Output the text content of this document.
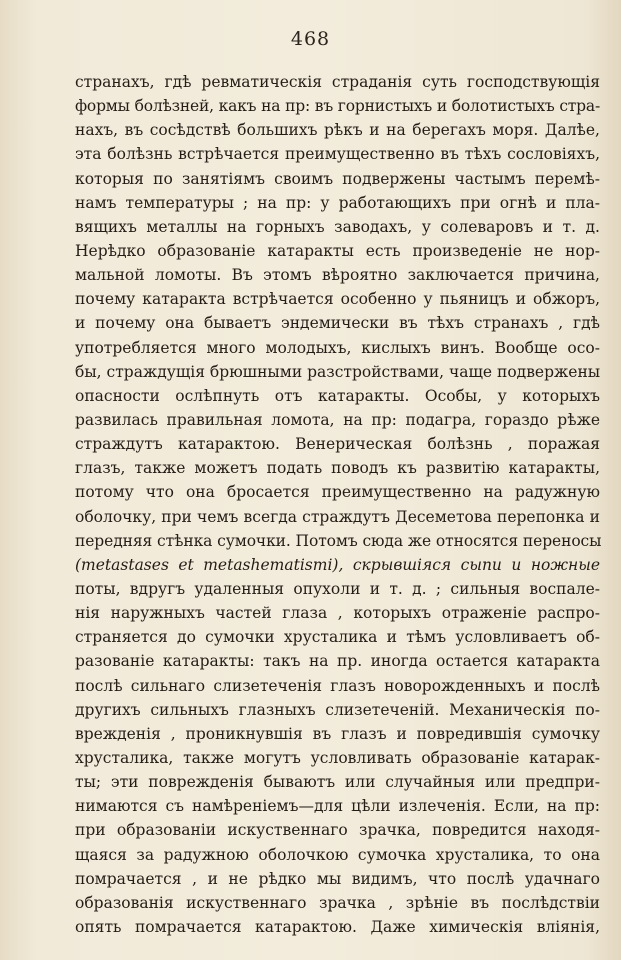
468
странахъ, гдѣ ревматическія страданія суть господствующія
формы болѣзней, какъ на пр: въ горнистыхъ и болотистыхъ стра-
нахъ, въ сосѣдствѣ большихъ рѣкъ и на берегахъ моря. Далѣе,
эта болѣзнь встрѣчается преимущественно въ тѣхъ сословіяхъ,
которыя по занятіямъ своимъ подвержены частымъ перемѣ-
намъ температуры ; на пр: у работающихъ при огнѣ и пла-
вящихъ металлы на горныхъ заводахъ, у солеваровъ и т. д.
Нерѣдко образованіе катаракты есть произведеніе не нор-
мальной ломоты. Въ этомъ вѣроятно заключается причина,
почему катаракта встрѣчается особенно у пьяницъ и обжоръ,
и почему она бываетъ эндемически въ тѣхъ странахъ , гдѣ
употребляется много молодыхъ, кислыхъ винъ. Вообще осо-
бы, страждущія брюшными разстройствами, чаще подвержены
опасности ослѣпнуть отъ катаракты. Особы, у которыхъ
развилась правильная ломота, на пр: подагра, гораздо рѣже
страждутъ катарактою. Венерическая болѣзнь , поражая
глазъ, также можетъ подать поводъ къ развитію катаракты,
потому что она бросается преимущественно на радужную
оболочку, при чемъ всегда страждутъ Десеметова перепонка и
передняя стѣнка сумочки. Потомъ сюда же относятся переносы
(metastases et metashematismi), скрывшіяся сыпи и ножные
поты, вдругъ удаленныя опухоли и т. д. ; сильныя воспале-
нія наружныхъ частей глаза , которыхъ отраженіе распро-
страняется до сумочки хрусталика и тѣмъ условливаетъ об-
разованіе катаракты: такъ на пр. иногда остается катаракта
послѣ сильнаго слизетеченія глазъ новорожденныхъ и послѣ
другихъ сильныхъ глазныхъ слизетеченій. Механическія по-
врежденія , проникнувшія въ глазъ и повредившія сумочку
хрусталика, также могутъ условливать образованіе катарак-
ты; эти поврежденія бываютъ или случайныя или предпри-
нимаются съ намѣреніемъ—для цѣли излеченія. Если, на пр:
при образованіи искуственнаго зрачка, повредится находя-
щаяся за радужною оболочкою сумочка хрусталика, то она
помрачается , и не рѣдко мы видимъ, что послѣ удачнаго
образованія искуственнаго зрачка , зрѣніе въ послѣдствіи
опять помрачается катарактою. Даже химическія вліянія,
